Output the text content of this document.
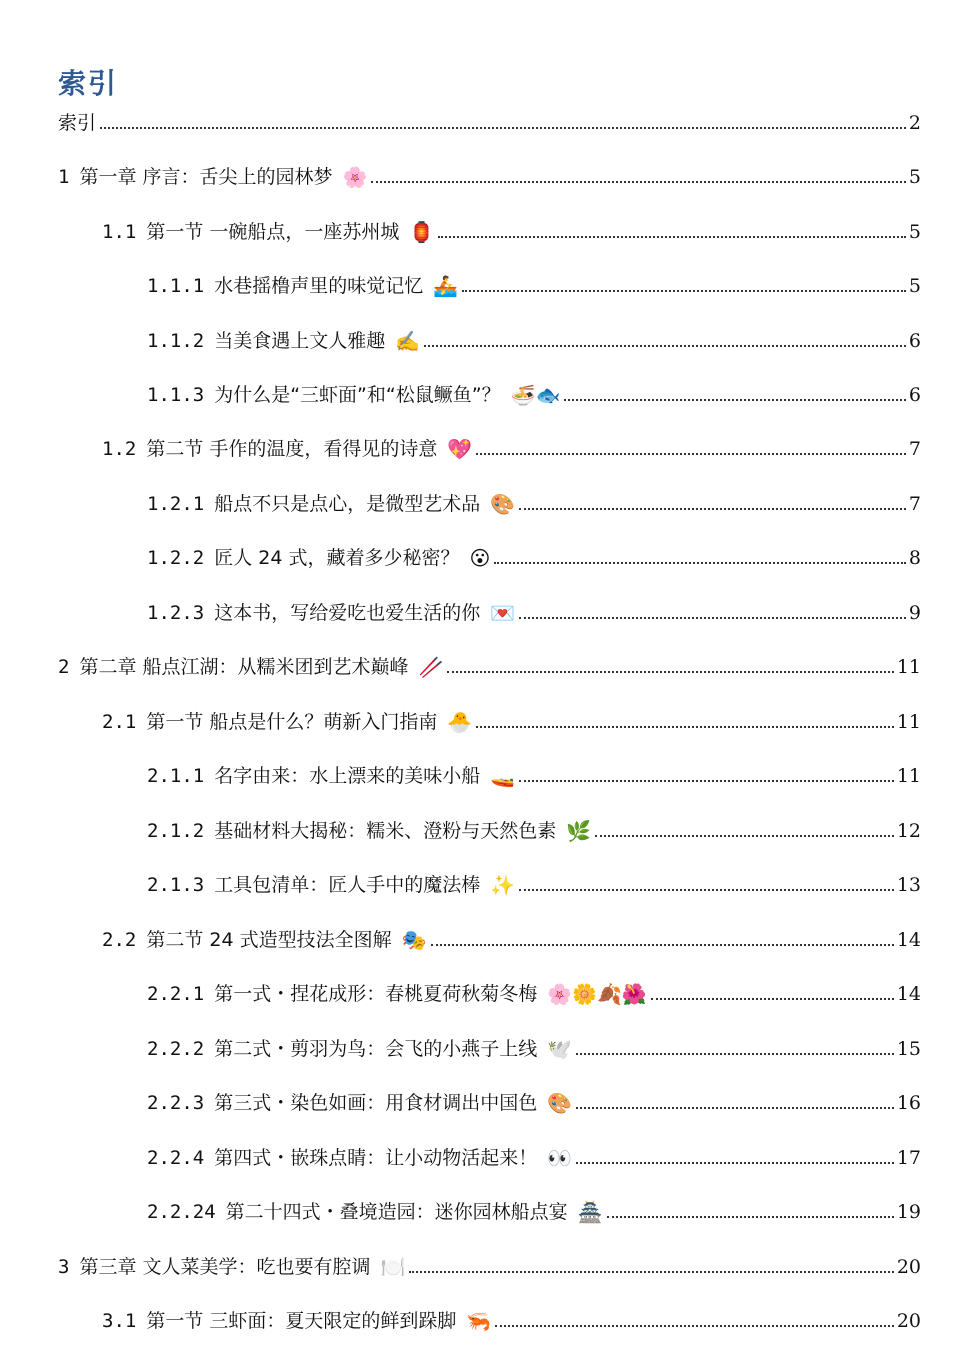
索引
索引	2
1 第一章 序言：舌尖上的园林梦 🌸	5
1.1 第一节 一碗船点，一座苏州城 🏮	5
1.1.1 水巷摇橹声里的味觉记忆 🚣	5
1.1.2 当美食遇上文人雅趣 ✍️	6
1.1.3 为什么是“三虾面”和“松鼠鳜鱼”？ 🍜🐟	6
1.2 第二节 手作的温度，看得见的诗意 💖	7
1.2.1 船点不只是点心，是微型艺术品 🎨	7
1.2.2 匠人 24 式，藏着多少秘密？ 😮	8
1.2.3 这本书，写给爱吃也爱生活的你 💌	9
2 第二章 船点江湖：从糯米团到艺术巅峰 🥢	11
2.1 第一节 船点是什么？萌新入门指南 🐣	11
2.1.1 名字由来：水上漂来的美味小船 🚤	11
2.1.2 基础材料大揭秘：糯米、澄粉与天然色素 🌿	12
2.1.3 工具包清单：匠人手中的魔法棒 ✨	13
2.2 第二节 24 式造型技法全图解 🎭	14
2.2.1 第一式・捏花成形：春桃夏荷秋菊冬梅 🌸🌼🍂🌺	14
2.2.2 第二式・剪羽为鸟：会飞的小燕子上线 🕊️	15
2.2.3 第三式・染色如画：用食材调出中国色 🎨	16
2.2.4 第四式・嵌珠点睛：让小动物活起来！ 👀	17
2.2.24 第二十四式・叠境造园：迷你园林船点宴 🏯	19
3 第三章 文人菜美学：吃也要有腔调 🍽️	20
3.1 第一节 三虾面：夏天限定的鲜到跺脚 🦐	20
